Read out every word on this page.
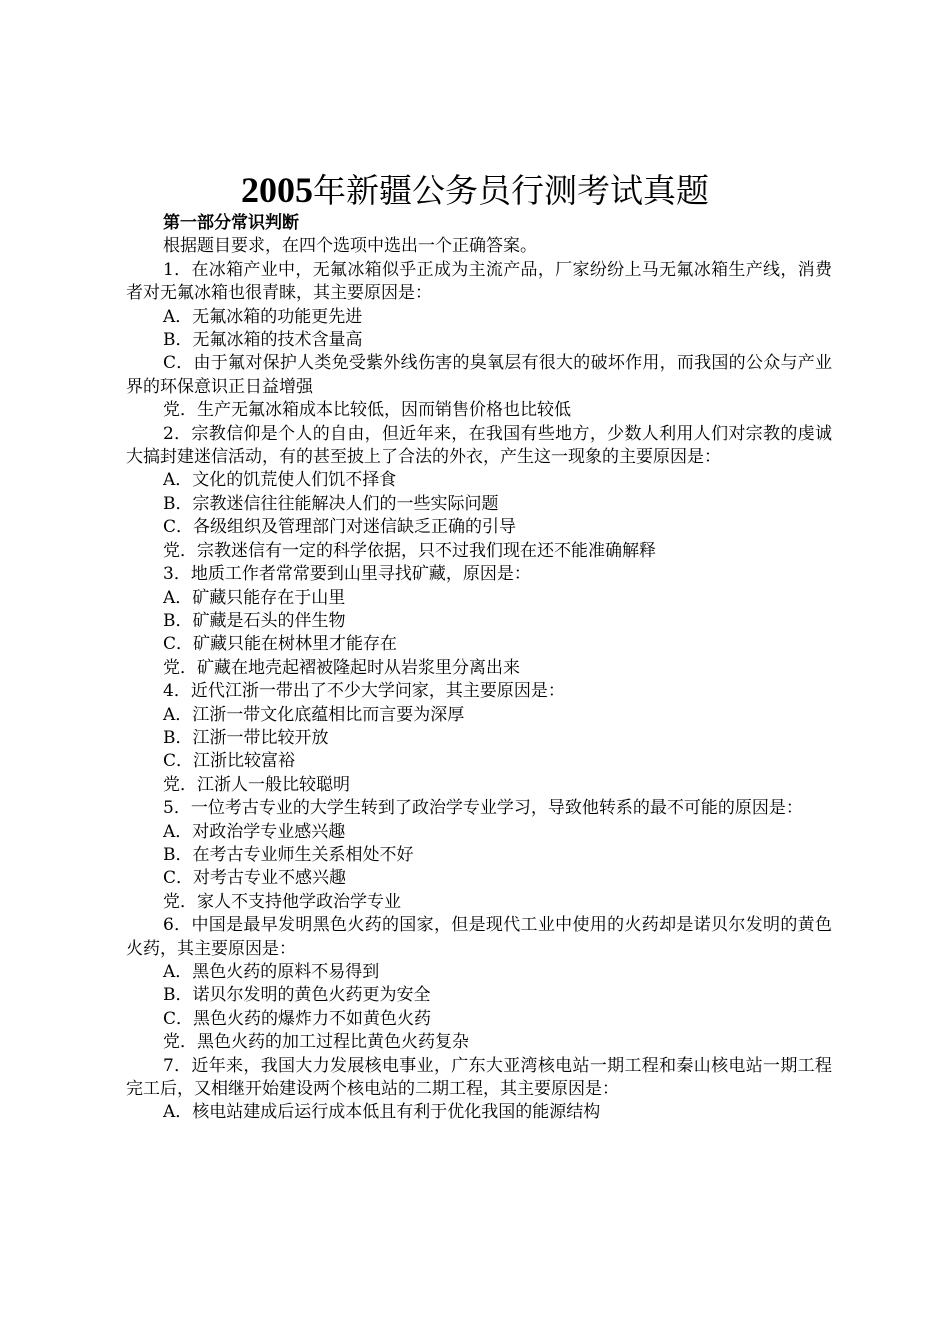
2005年新疆公务员行测考试真题

第一部分常识判断

根据题目要求，在四个选项中选出一个正确答案。

1．在冰箱产业中，无氟冰箱似乎正成为主流产品，厂家纷纷上马无氟冰箱生产线，消费者对无氟冰箱也很青睐，其主要原因是：

A．无氟冰箱的功能更先进

B．无氟冰箱的技术含量高

C．由于氟对保护人类免受紫外线伤害的臭氧层有很大的破坏作用，而我国的公众与产业界的环保意识正日益增强

党．生产无氟冰箱成本比较低，因而销售价格也比较低

2．宗教信仰是个人的自由，但近年来，在我国有些地方，少数人利用人们对宗教的虔诚大搞封建迷信活动，有的甚至披上了合法的外衣，产生这一现象的主要原因是：

A．文化的饥荒使人们饥不择食

B．宗教迷信往往能解决人们的一些实际问题

C．各级组织及管理部门对迷信缺乏正确的引导

党．宗教迷信有一定的科学依据，只不过我们现在还不能准确解释

3．地质工作者常常要到山里寻找矿藏，原因是：

A．矿藏只能存在于山里

B．矿藏是石头的伴生物

C．矿藏只能在树林里才能存在

党．矿藏在地壳起褶被隆起时从岩浆里分离出来

4．近代江浙一带出了不少大学问家，其主要原因是：

A．江浙一带文化底蕴相比而言要为深厚

B．江浙一带比较开放

C．江浙比较富裕

党．江浙人一般比较聪明

5．一位考古专业的大学生转到了政治学专业学习，导致他转系的最不可能的原因是：

A．对政治学专业感兴趣

B．在考古专业师生关系相处不好

C．对考古专业不感兴趣

党．家人不支持他学政治学专业

6．中国是最早发明黑色火药的国家，但是现代工业中使用的火药却是诺贝尔发明的黄色火药，其主要原因是：

A．黑色火药的原料不易得到

B．诺贝尔发明的黄色火药更为安全

C．黑色火药的爆炸力不如黄色火药

党．黑色火药的加工过程比黄色火药复杂

7．近年来，我国大力发展核电事业，广东大亚湾核电站一期工程和秦山核电站一期工程完工后，又相继开始建设两个核电站的二期工程，其主要原因是：

A．核电站建成后运行成本低且有利于优化我国的能源结构
